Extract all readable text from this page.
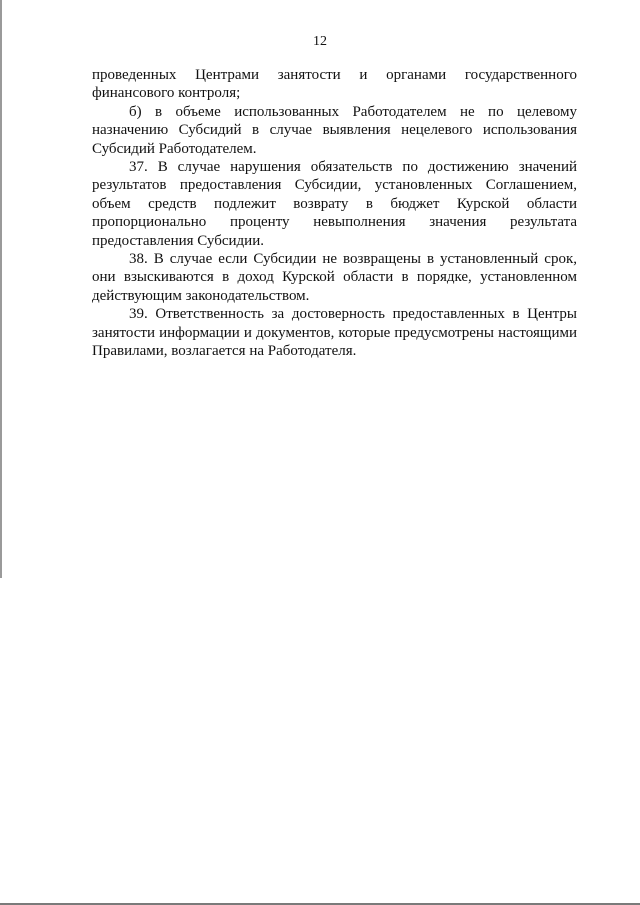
12

проведенных Центрами занятости и органами государственного финансового контроля;

б) в объеме использованных Работодателем не по целевому назначению Субсидий в случае выявления нецелевого использования Субсидий Работодателем.

37. В случае нарушения обязательств по достижению значений результатов предоставления Субсидии, установленных Соглашением, объем средств подлежит возврату в бюджет Курской области пропорционально проценту невыполнения значения результата предоставления Субсидии.

38. В случае если Субсидии не возвращены в установленный срок, они взыскиваются в доход Курской области в порядке, установленном действующим законодательством.

39. Ответственность за достоверность предоставленных в Центры занятости информации и документов, которые предусмотрены настоящими Правилами, возлагается на Работодателя.
